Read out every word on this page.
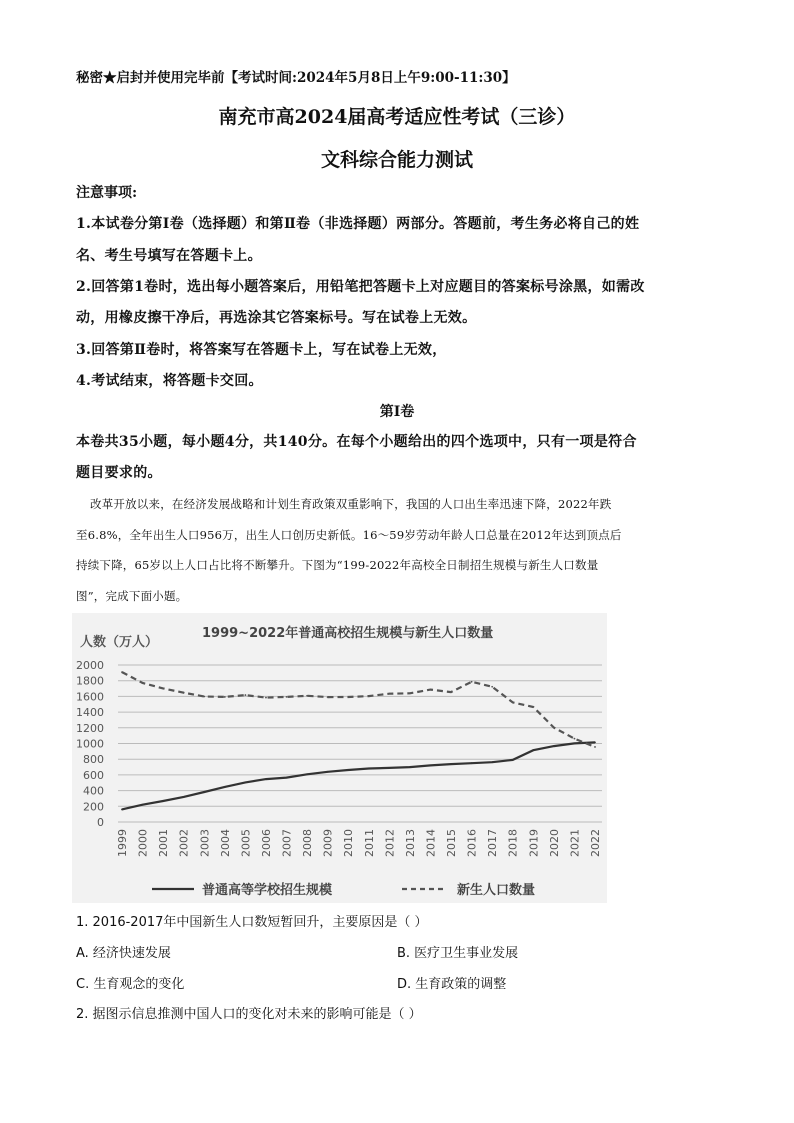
秘密★启封并使用完毕前【考试时间:2024年5月8日上午9:00-11:30】
南充市高2024届高考适应性考试（三诊）
文科综合能力测试
注意事项:
1.本试卷分第Ⅰ卷（选择题）和第Ⅱ卷（非选择题）两部分。答题前，考生务必将自己的姓
名、考生号填写在答题卡上。
2.回答第1卷时，选出每小题答案后，用铅笔把答题卡上对应题目的答案标号涂黑，如需改
动，用橡皮擦干净后，再选涂其它答案标号。写在试卷上无效。
3.回答第Ⅱ卷时，将答案写在答题卡上，写在试卷上无效，
4.考试结束，将答题卡交回。
第Ⅰ卷
本卷共35小题，每小题4分，共140分。在每个小题给出的四个选项中，只有一项是符合
题目要求的。
改革开放以来，在经济发展战略和计划生育政策双重影响下，我国的人口出生率迅速下降，2022年跌
至6.8%，全年出生人口956万，出生人口创历史新低。16～59岁劳动年龄人口总量在2012年达到顶点后
持续下降，65岁以上人口占比将不断攀升。下图为“199-2022年高校全日制招生规模与新生人口数量
图”，完成下面小题。
1999~2022年普通高校招生规模与新生人口数量
人数（万人）
0
200
400
600
800
1000
1200
1400
1600
1800
2000
1999 2000 2001 2002 2003 2004 2005 2006 2007 2008 2009 2010 2011 2012 2013 2014 2015 2016 2017 2018 2019 2020 2021 2022
普通高等学校招生规模	新生人口数量
1. 2016-2017年中国新生人口数短暂回升，主要原因是（ ）
A. 经济快速发展	B. 医疗卫生事业发展
C. 生育观念的变化	D. 生育政策的调整
2. 据图示信息推测中国人口的变化对未来的影响可能是（ ）
